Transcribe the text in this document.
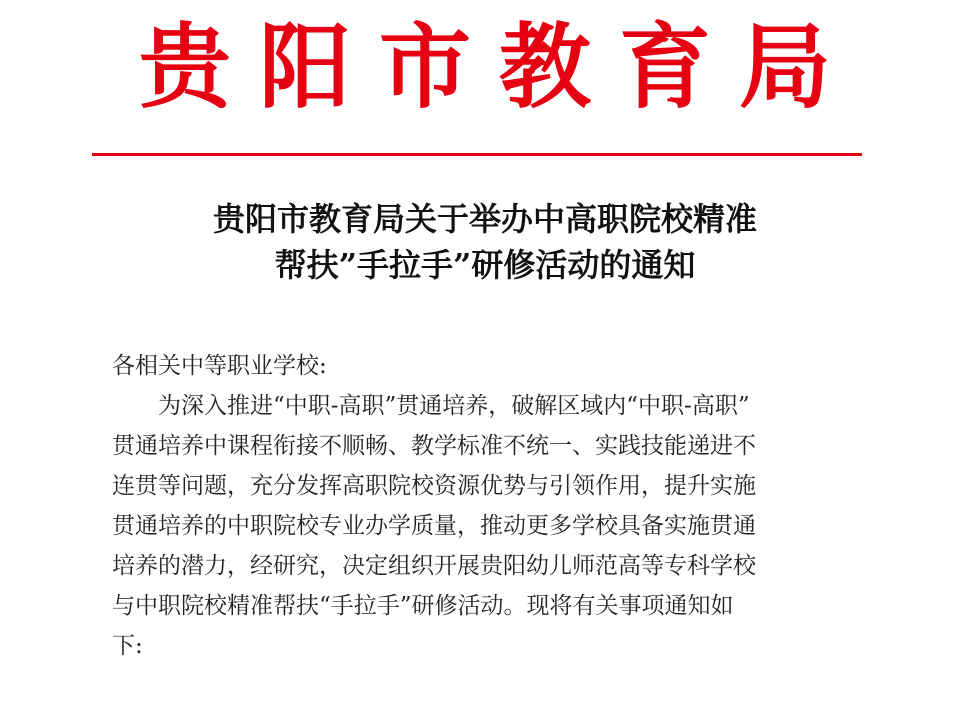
贵阳市教育局
贵阳市教育局关于举办中高职院校精准
帮扶”手拉手”研修活动的通知
各相关中等职业学校:
为深入推进“中职-高职”贯通培养，破解区域内“中职-高职”
贯通培养中课程衔接不顺畅、教学标准不统一、实践技能递进不
连贯等问题，充分发挥高职院校资源优势与引领作用，提升实施
贯通培养的中职院校专业办学质量，推动更多学校具备实施贯通
培养的潜力，经研究，决定组织开展贵阳幼儿师范高等专科学校
与中职院校精准帮扶“手拉手”研修活动。现将有关事项通知如
下:
